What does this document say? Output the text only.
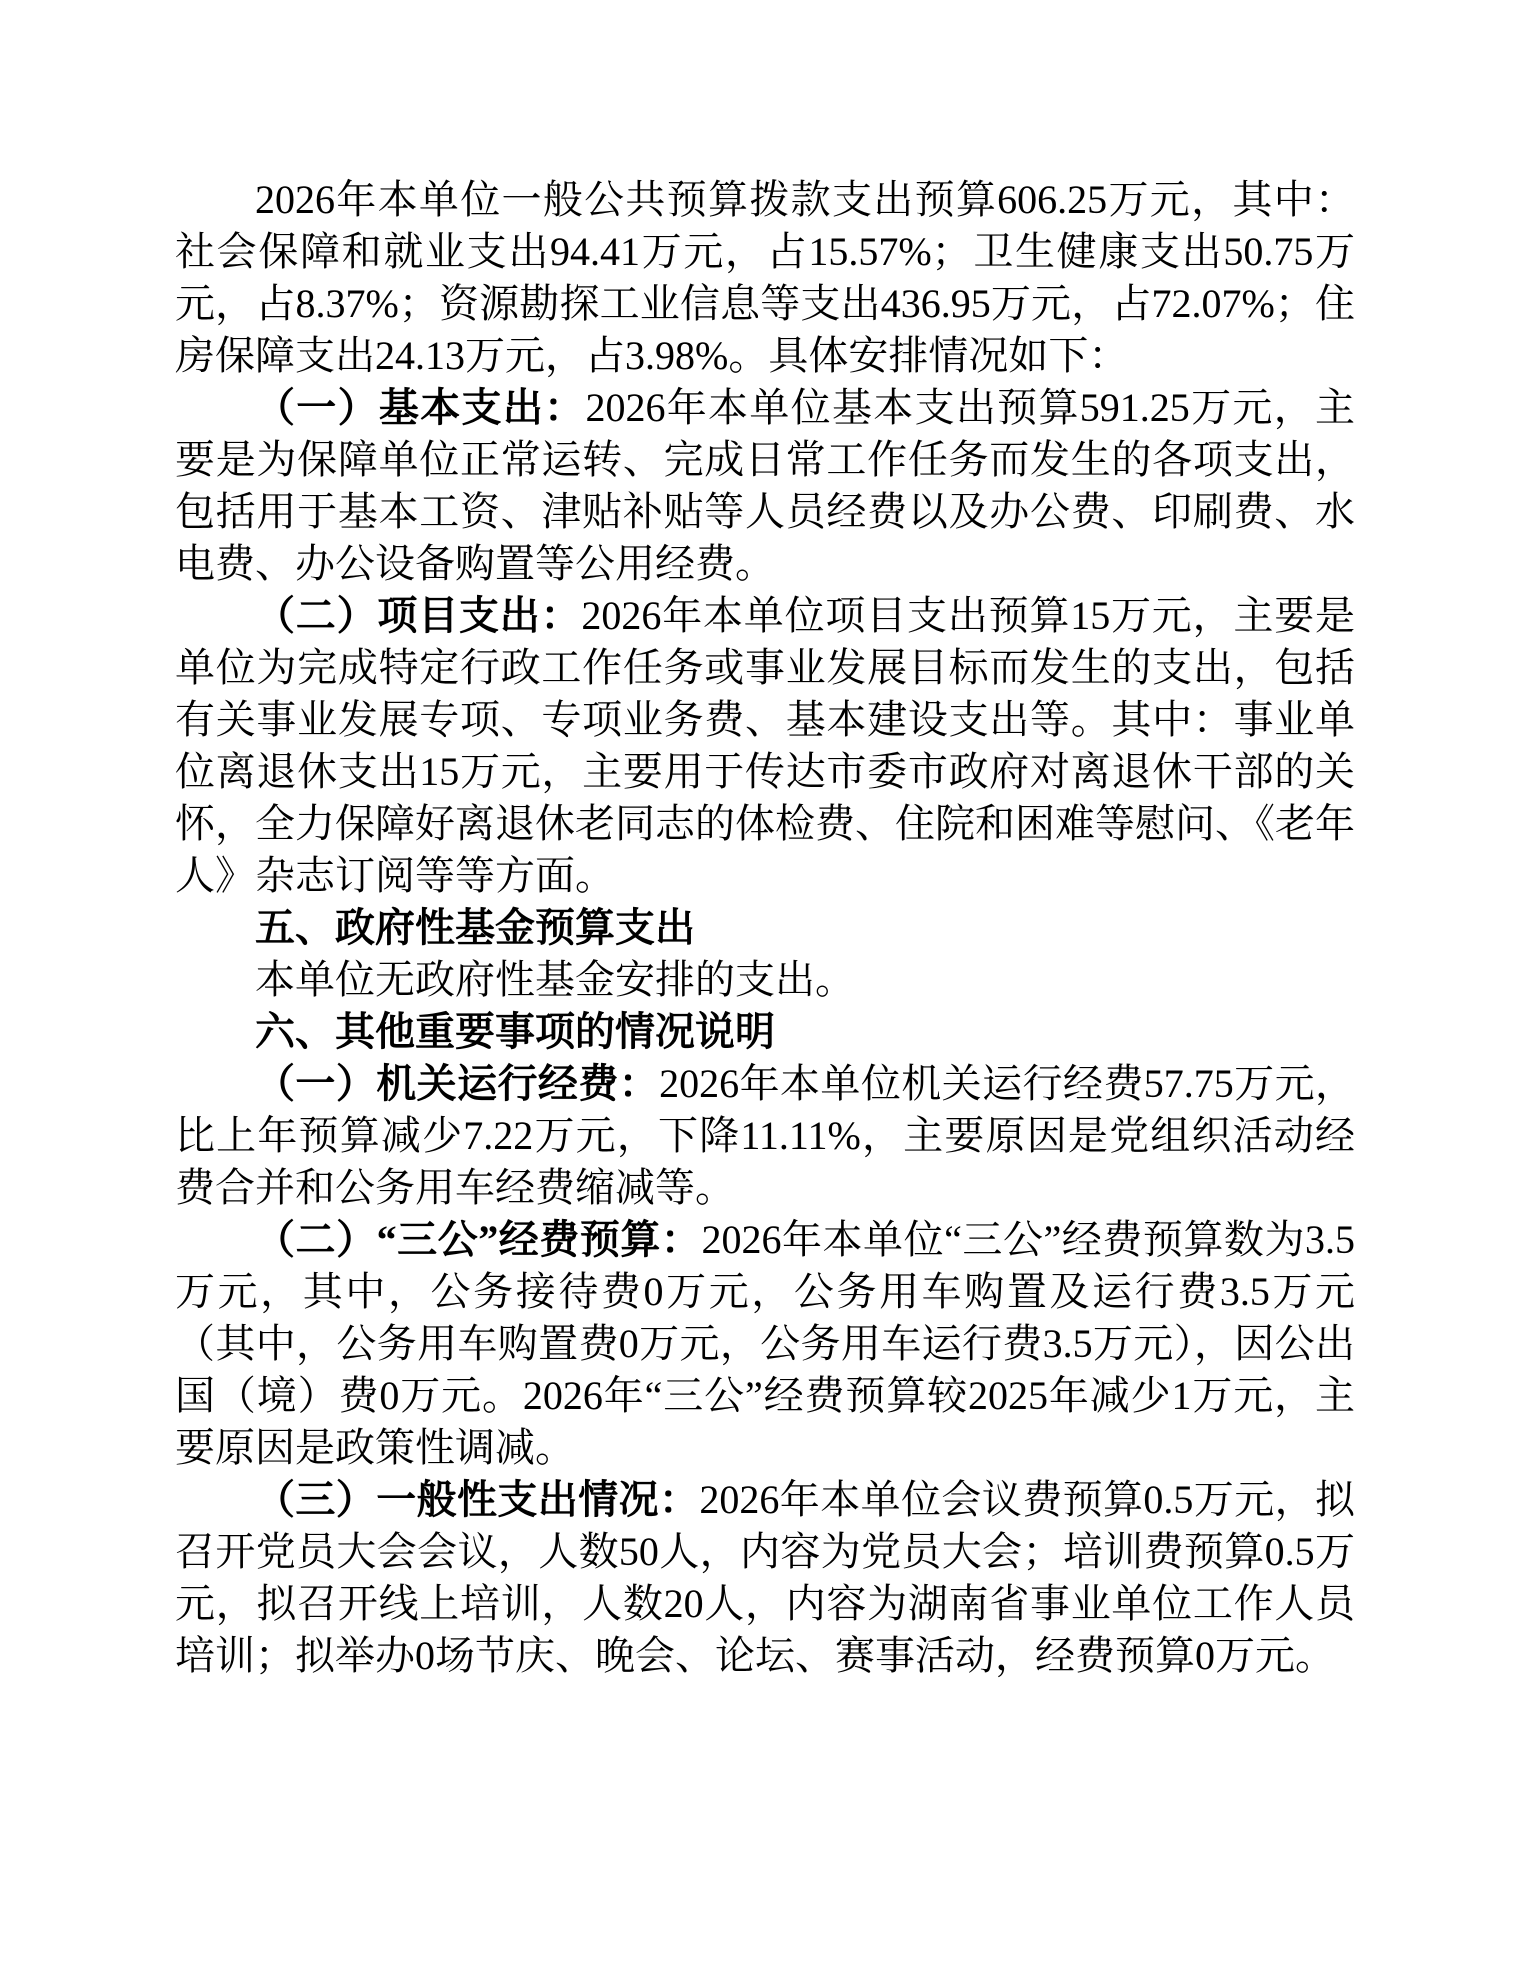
2026年本单位一般公共预算拨款支出预算606.25万元，其中：社会保障和就业支出94.41万元，占15.57%；卫生健康支出50.75万元，占8.37%；资源勘探工业信息等支出436.95万元，占72.07%；住房保障支出24.13万元，占3.98%。具体安排情况如下：

（一）基本支出：2026年本单位基本支出预算591.25万元，主要是为保障单位正常运转、完成日常工作任务而发生的各项支出，包括用于基本工资、津贴补贴等人员经费以及办公费、印刷费、水电费、办公设备购置等公用经费。

（二）项目支出：2026年本单位项目支出预算15万元，主要是单位为完成特定行政工作任务或事业发展目标而发生的支出，包括有关事业发展专项、专项业务费、基本建设支出等。其中：事业单位离退休支出15万元，主要用于传达市委市政府对离退休干部的关怀，全力保障好离退休老同志的体检费、住院和困难等慰问、《老年人》杂志订阅等等方面。

五、政府性基金预算支出

本单位无政府性基金安排的支出。

六、其他重要事项的情况说明

（一）机关运行经费：2026年本单位机关运行经费57.75万元，比上年预算减少7.22万元，下降11.11%，主要原因是党组织活动经费合并和公务用车经费缩减等。

（二）“三公”经费预算：2026年本单位“三公”经费预算数为3.5万元，其中，公务接待费0万元，公务用车购置及运行费3.5万元（其中，公务用车购置费0万元，公务用车运行费3.5万元），因公出国（境）费0万元。2026年“三公”经费预算较2025年减少1万元，主要原因是政策性调减。

（三）一般性支出情况：2026年本单位会议费预算0.5万元，拟召开党员大会会议，人数50人，内容为党员大会；培训费预算0.5万元，拟召开线上培训，人数20人，内容为湖南省事业单位工作人员培训；拟举办0场节庆、晚会、论坛、赛事活动，经费预算0万元。
